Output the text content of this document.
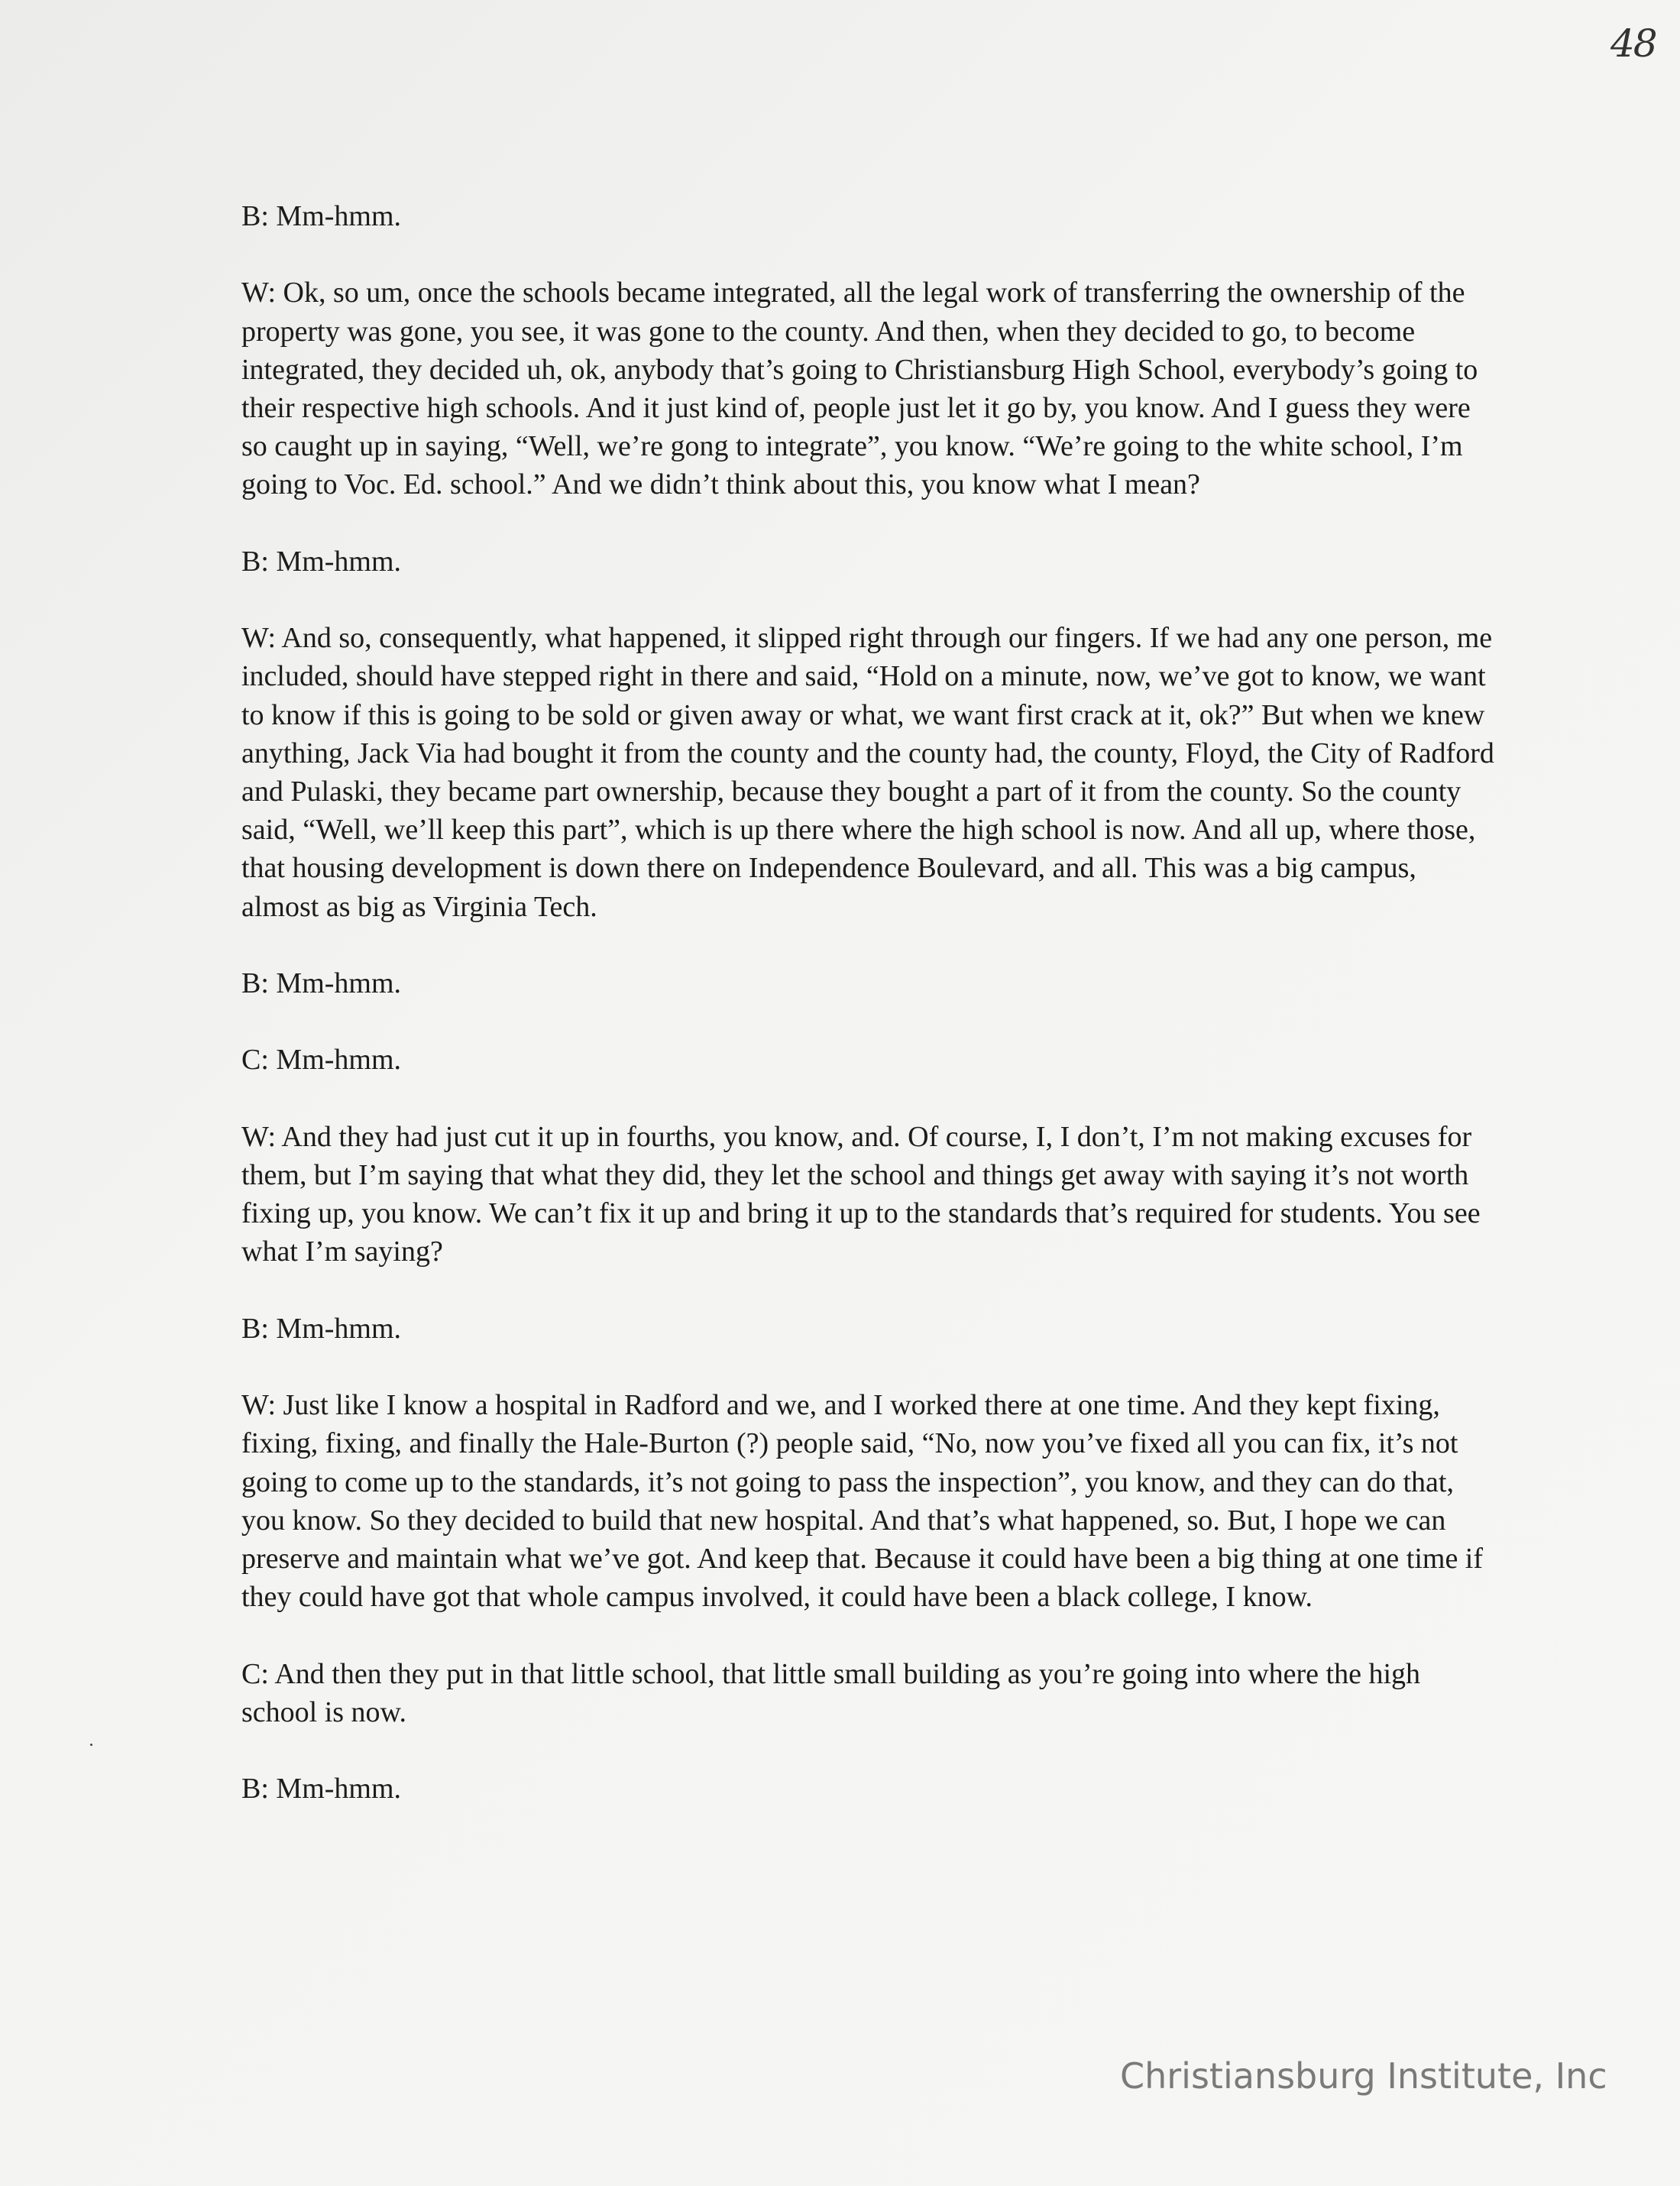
48

B: Mm-hmm.

W: Ok, so um, once the schools became integrated, all the legal work of transferring the ownership of the property was gone, you see, it was gone to the county. And then, when they decided to go, to become integrated, they decided uh, ok, anybody that’s going to Christiansburg High School, everybody’s going to their respective high schools. And it just kind of, people just let it go by, you know. And I guess they were so caught up in saying, “Well, we’re gong to integrate”, you know. “We’re going to the white school, I’m going to Voc. Ed. school.” And we didn’t think about this, you know what I mean?

B: Mm-hmm.

W: And so, consequently, what happened, it slipped right through our fingers. If we had any one person, me included, should have stepped right in there and said, “Hold on a minute, now, we’ve got to know, we want to know if this is going to be sold or given away or what, we want first crack at it, ok?” But when we knew anything, Jack Via had bought it from the county and the county had, the county, Floyd, the City of Radford and Pulaski, they became part ownership, because they bought a part of it from the county. So the county said, “Well, we’ll keep this part”, which is up there where the high school is now. And all up, where those, that housing development is down there on Independence Boulevard, and all. This was a big campus, almost as big as Virginia Tech.

B: Mm-hmm.

C: Mm-hmm.

W: And they had just cut it up in fourths, you know, and. Of course, I, I don’t, I’m not making excuses for them, but I’m saying that what they did, they let the school and things get away with saying it’s not worth fixing up, you know. We can’t fix it up and bring it up to the standards that’s required for students. You see what I’m saying?

B: Mm-hmm.

W: Just like I know a hospital in Radford and we, and I worked there at one time. And they kept fixing, fixing, fixing, and finally the Hale-Burton (?) people said, “No, now you’ve fixed all you can fix, it’s not going to come up to the standards, it’s not going to pass the inspection”, you know, and they can do that, you know. So they decided to build that new hospital. And that’s what happened, so. But, I hope we can preserve and maintain what we’ve got. And keep that. Because it could have been a big thing at one time if they could have got that whole campus involved, it could have been a black college, I know.

C: And then they put in that little school, that little small building as you’re going into where the high school is now.

B: Mm-hmm.

Christiansburg Institute, Inc
